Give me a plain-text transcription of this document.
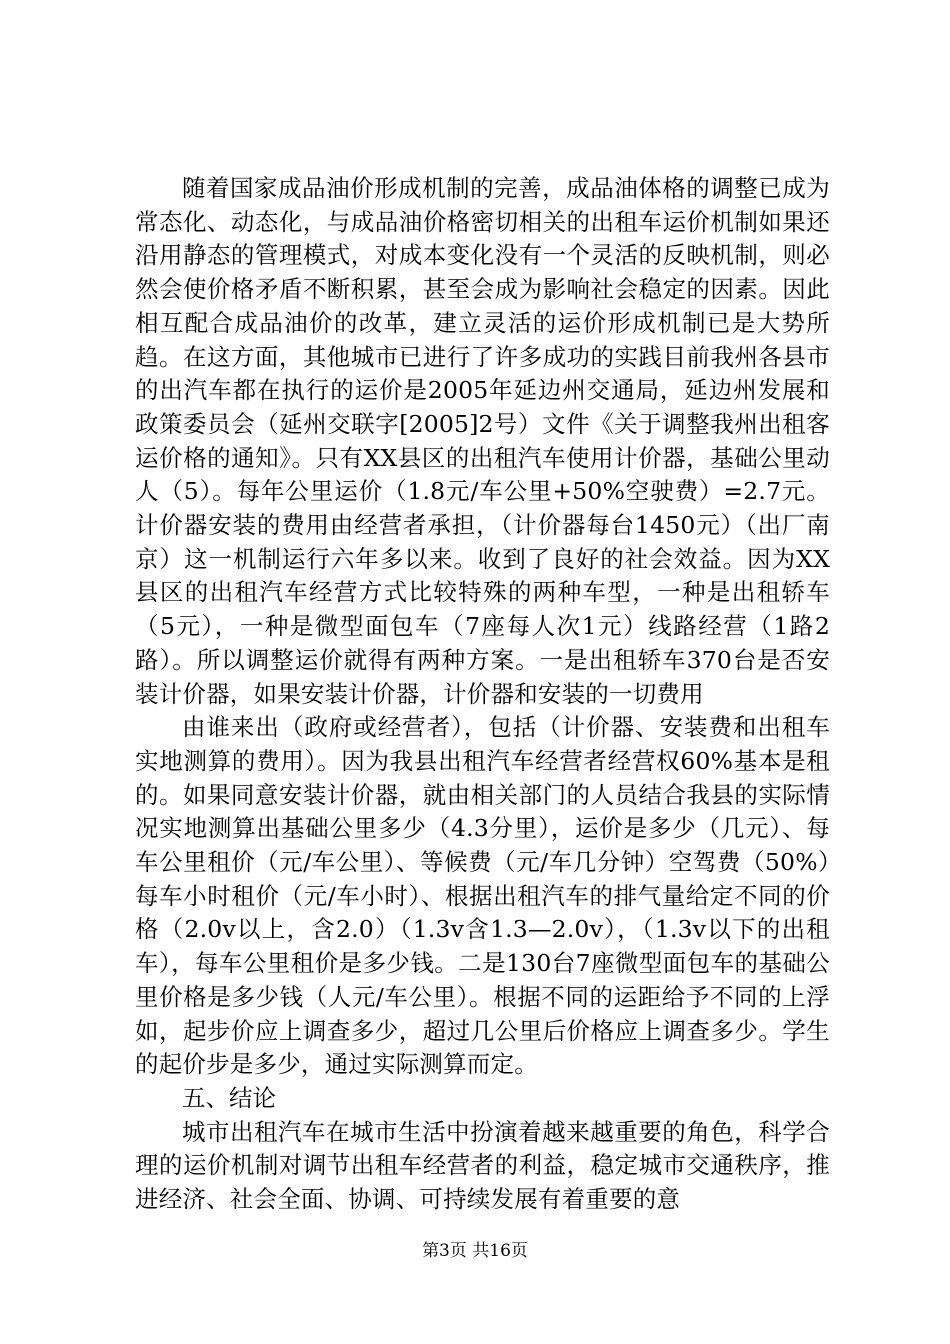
随着国家成品油价形成机制的完善，成品油体格的调整已成为常态化、动态化，与成品油价格密切相关的出租车运价机制如果还沿用静态的管理模式，对成本变化没有一个灵活的反映机制，则必然会使价格矛盾不断积累，甚至会成为影响社会稳定的因素。因此相互配合成品油价的改革，建立灵活的运价形成机制已是大势所趋。在这方面，其他城市已进行了许多成功的实践目前我州各县市的出汽车都在执行的运价是2005年延边州交通局，延边州发展和政策委员会（延州交联字[2005]2号）文件《关于调整我州出租客运价格的通知》。只有XX县区的出租汽车使用计价器，基础公里动人（5）。每年公里运价（1.8元/车公里+50%空驶费）=2.7元。计价器安装的费用由经营者承担，（计价器每台1450元）（出厂南京）这一机制运行六年多以来。收到了良好的社会效益。因为XX县区的出租汽车经营方式比较特殊的两种车型，一种是出租轿车（5元），一种是微型面包车（7座每人次1元）线路经营（1路2路）。所以调整运价就得有两种方案。一是出租轿车370台是否安装计价器，如果安装计价器，计价器和安装的一切费用

由谁来出（政府或经营者），包括（计价器、安装费和出租车实地测算的费用）。因为我县出租汽车经营者经营权60%基本是租的。如果同意安装计价器，就由相关部门的人员结合我县的实际情况实地测算出基础公里多少（4.3分里），运价是多少（几元）、每车公里租价（元/车公里）、等候费（元/车几分钟）空驾费（50%）每车小时租价（元/车小时）、根据出租汽车的排气量给定不同的价格（2.0v以上，含2.0）（1.3v含1.3—2.0v），（1.3v以下的出租车），每车公里租价是多少钱。二是130台7座微型面包车的基础公里价格是多少钱（人元/车公里）。根据不同的运距给予不同的上浮如，起步价应上调查多少，超过几公里后价格应上调查多少。学生的起价步是多少，通过实际测算而定。

五、结论

城市出租汽车在城市生活中扮演着越来越重要的角色，科学合理的运价机制对调节出租车经营者的利益，稳定城市交通秩序，推进经济、社会全面、协调、可持续发展有着重要的意

第3页 共16页
